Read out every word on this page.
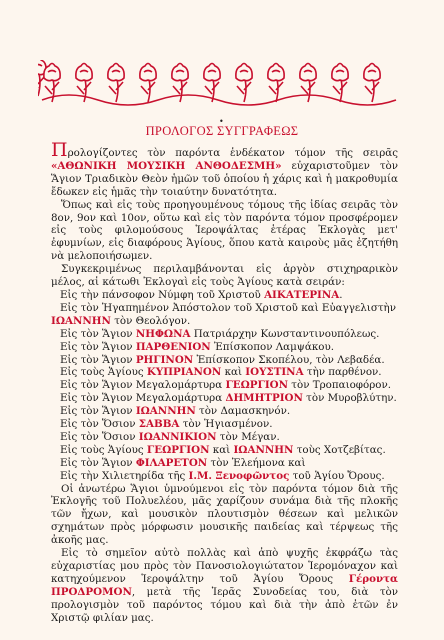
•
ΠΡΟΛΟΓΟΣ ΣΥΓΓΡΑΦΕΩΣ

Προλογίζοντες τὸν παρόντα ἑνδέκατον τόμον τῆς σειρᾶς «ΑΘΩΝΙΚΗ ΜΟΥΣΙΚΗ ΑΝΘΟΔΕΣΜΗ» εὐχαριστοῦμεν τὸν Ἅγιον Τριαδικὸν Θεὸν ἡμῶν τοῦ ὁποίου ἡ χάρις καὶ ἡ μακροθυμία ἔδωκεν εἰς ἡμᾶς τὴν τοιαύτην δυνατότητα.

Ὅπως καὶ εἰς τοὺς προηγουμένους τόμους τῆς ἰδίας σειρᾶς τὸν 8ον, 9ον καὶ 10ον, οὕτω καὶ εἰς τὸν παρόντα τόμον προσφέρομεν εἰς τοὺς φιλομούσους Ἱεροψάλτας ἑτέρας Ἐκλογὰς μετ' ἐφυμνίων, εἰς διαφόρους Ἁγίους, ὅπου κατὰ καιροὺς μᾶς ἐζητήθη νὰ μελοποιήσωμεν.

Συγκεκριμένως περιλαμβάνονται εἰς ἀργὸν στιχηραρικὸν μέλος, αἱ κάτωθι Ἐκλογαὶ εἰς τοὺς Ἁγίους κατὰ σειράν:

Εἰς τὴν πάνσοφον Νύμφη τοῦ Χριστοῦ ΑΙΚΑΤΕΡΙΝΑ.
Εἰς τὸν Ἡγαπημένον Ἀπόστολον τοῦ Χριστοῦ καὶ Εὐαγγελιστὴν
ΙΩΑΝΝΗΝ τὸν Θεολόγον.
Εἰς τὸν Ἅγιον ΝΗΦΩΝΑ Πατριάρχην Κωνσταντινουπόλεως.
Εἰς τὸν Ἅγιον ΠΑΡΘΕΝΙΟΝ Ἐπίσκοπον Λαμψάκου.
Εἰς τὸν Ἅγιον ΡΗΓΙΝΟΝ Ἐπίσκοπον Σκοπέλου, τὸν Λεβαδέα.
Εἰς τοὺς Ἁγίους ΚΥΠΡΙΑΝΟΝ καὶ ΙΟΥΣΤΙΝΑ τὴν παρθένον.
Εἰς τὸν Ἅγιον Μεγαλομάρτυρα ΓΕΩΡΓΙΟΝ τὸν Τροπαιοφόρον.
Εἰς τὸν Ἅγιον Μεγαλομάρτυρα ΔΗΜΗΤΡΙΟΝ τὸν Μυροβλύτην.
Εἰς τὸν Ἅγιον ΙΩΑΝΝΗΝ τὸν Δαμασκηνόν.
Εἰς τὸν Ὅσιον ΣΑΒΒΑ τὸν Ἡγιασμένον.
Εἰς τὸν Ὅσιον ΙΩΑΝΝΙΚΙΟΝ τὸν Μέγαν.
Εἰς τοὺς Ἁγίους ΓΕΩΡΓΙΟΝ καὶ ΙΩΑΝΝΗΝ τοὺς Χοτζεβίτας.
Εἰς τὸν Ἅγιον ΦΙΛΑΡΕΤΟΝ τὸν Ἐλεήμονα καὶ
Εἰς τὴν Χιλιετηρίδα τῆς Ι.Μ. Ξενοφῶντος τοῦ Ἁγίου Ὄρους.

Οἱ ἀνωτέρω Ἅγιοι ὑμνούμενοι εἰς τὸν παρόντα τόμον διὰ τῆς Ἐκλογῆς τοῦ Πολυελέου, μᾶς χαρίζουν συνάμα διὰ τῆς πλοκῆς τῶν ἤχων, καὶ μουσικὸν πλουτισμὸν θέσεων καὶ μελικῶν σχημάτων πρὸς μόρφωσιν μουσικῆς παιδείας καὶ τέρψεως τῆς ἀκοῆς μας.

Εἰς τὸ σημεῖον αὐτὸ πολλὰς καὶ ἀπὸ ψυχῆς ἐκφράζω τὰς εὐχαριστίας μου πρὸς τὸν Πανοσιολογιώτατον Ἱερομόναχον καὶ κατηχούμενον Ἱεροψάλτην τοῦ Ἁγίου Ὄρους Γέροντα ΠΡΟΔΡΟΜΟΝ, μετὰ τῆς Ἱερᾶς Συνοδείας του, διὰ τὸν προλογισμὸν τοῦ παρόντος τόμου καὶ διὰ τὴν ἀπὸ ἐτῶν ἐν Χριστῷ φιλίαν μας.
